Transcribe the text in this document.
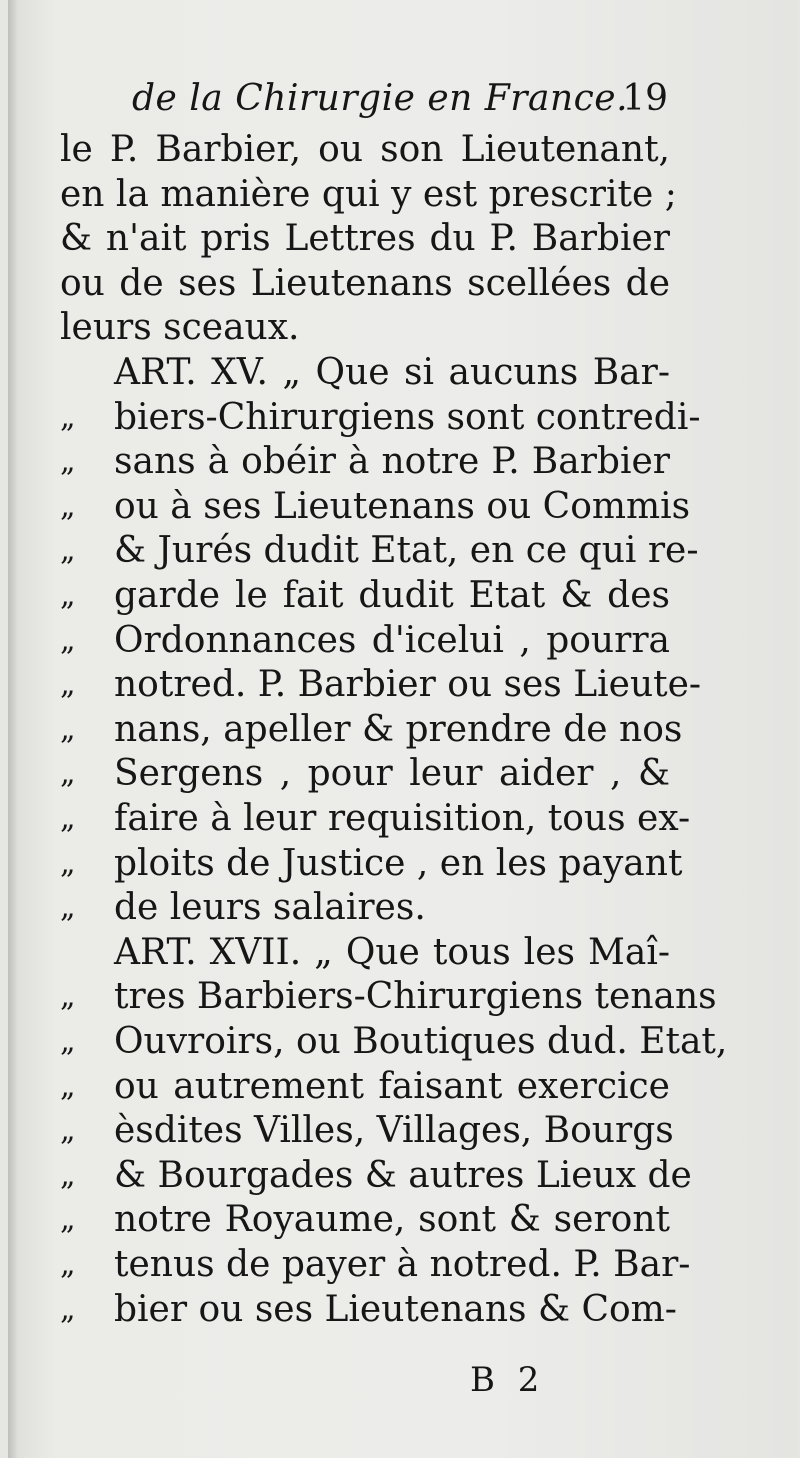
de la Chirurgie en France.
19
le P. Barbier, ou son Lieutenant,
en la manière qui y est prescrite ;
& n'ait pris Lettres du P. Barbier
ou de ses Lieutenans scellées de
leurs sceaux.
ART. XV. „ Que si aucuns Bar-
„	biers-Chirurgiens sont contredi-
„	sans à obéir à notre P. Barbier
„	ou à ses Lieutenans ou Commis
„	& Jurés dudit Etat, en ce qui re-
„	garde le fait dudit Etat & des
„	Ordonnances d'icelui , pourra
„	notred. P. Barbier ou ses Lieute-
„	nans, apeller & prendre de nos
„	Sergens , pour leur aider , &
„	faire à leur requisition, tous ex-
„	ploits de Justice , en les payant
„	de leurs salaires.
ART. XVII. „ Que tous les Maî-
„	tres Barbiers-Chirurgiens tenans
„	Ouvroirs, ou Boutiques dud. Etat,
„	ou autrement faisant exercice
„	èsdites Villes, Villages, Bourgs
„	& Bourgades & autres Lieux de
„	notre Royaume, sont & seront
„	tenus de payer à notred. P. Bar-
„	bier ou ses Lieutenans & Com-
B 2
